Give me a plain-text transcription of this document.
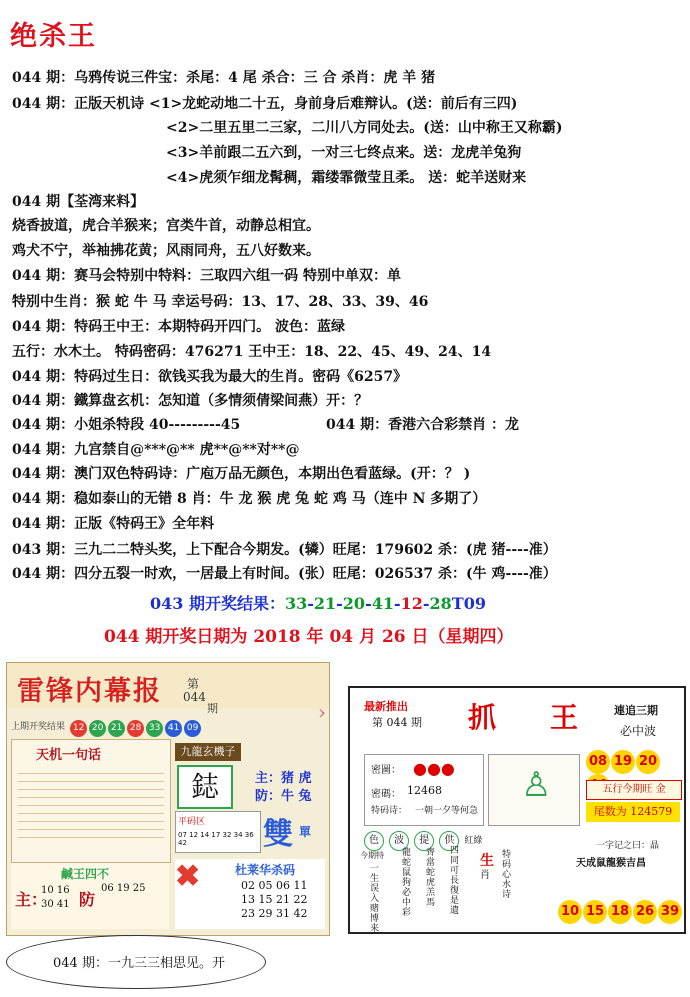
绝杀王
044 期：乌鸦传说三件宝：杀尾：4 尾 杀合：三 合 杀肖：虎 羊 猪
044 期：正版天机诗 <1>龙蛇动地二十五，身前身后难辩认。(送：前后有三四)
<2>二里五里二三家，二川八方同处去。(送：山中称王又称霸)
<3>羊前跟二五六到，一对三七终点来。送：龙虎羊兔狗
<4>虎须乍细龙髯稠，霜缕霏微莹且柔。 送：蛇羊送财来
044 期【荃湾来料】
烧香披道，虎合羊猴来；宫类牛首，动静总相宜。
鸡犬不宁，举袖拂花黄；风雨同舟，五八好数来。
044 期：赛马会特别中特料：三取四六组一码 特别中单双：单
特别中生肖：猴 蛇 牛 马 幸运号码：13、17、28、33、39、46
044 期：特码王中王：本期特码开四门。 波色：蓝绿
五行：水木土。 特码密码：476271 王中王：18、22、45、49、24、14
044 期：特码过生日：欲钱买我为最大的生肖。密码《6257》
044 期：鐵算盘玄机：怎知道（多情须倩梁间燕）开：？
044 期：小姐杀特段 40---------45	044 期：香港六合彩禁肖 ：龙
044 期：九宫禁自@***@** 虎**@**对**@
044 期：澳门双色特码诗：广庖万品无颜色，本期出色看蓝绿。(开：？ )
044 期：稳如泰山的无错 8 肖：牛 龙 猴 虎 兔 蛇 鸡 马（连中 N 多期了）
044 期：正版《特码王》全年料
043 期：三九二二特头奖，上下配合今期发。(辚）旺尾：179602 杀：(虎 猪----准）
044 期：四分五裂一时欢，一居最上有时间。(张）旺尾：026537 杀：(牛 鸡----准）
043 期开奖结果：33-21-20-41-12-28T09
044 期开奖日期为 2018 年 04 月 26 日（星期四）
雷锋内幕报 第
044
期
上期开奖结果 12 20 21 28 33 41 09
天机一句话	九龍玄機子
鋕	主：猪 虎
防：牛 兔
平码区
07 12 14 17 32 34 36 42	雙 單
鹹王四不
主：
10 16
30 41 防
06 19 25 ✖	杜莱华杀码
02 05 06 11
13 15 21 22
23 29 31 42
›	最新推出
第 044 期 抓 王	連追三期
必中波
08 19 20
五行今期旺 金
尾数为 124579
密圖： ●●●
密碼： 12468
特码诗： 一朝一夕等何急
♙
色 波 提 供 紅綠
生
肖
今期特
一生误入赌博来
龍蛇鼠狗必中彩
齊當蛇虎羔馬
四同可長復是遺
特码心水诗
一字记之曰：晶
天成鼠龍猴吉昌
10 15 18 26 39
044 期：一九三三相思见。开
